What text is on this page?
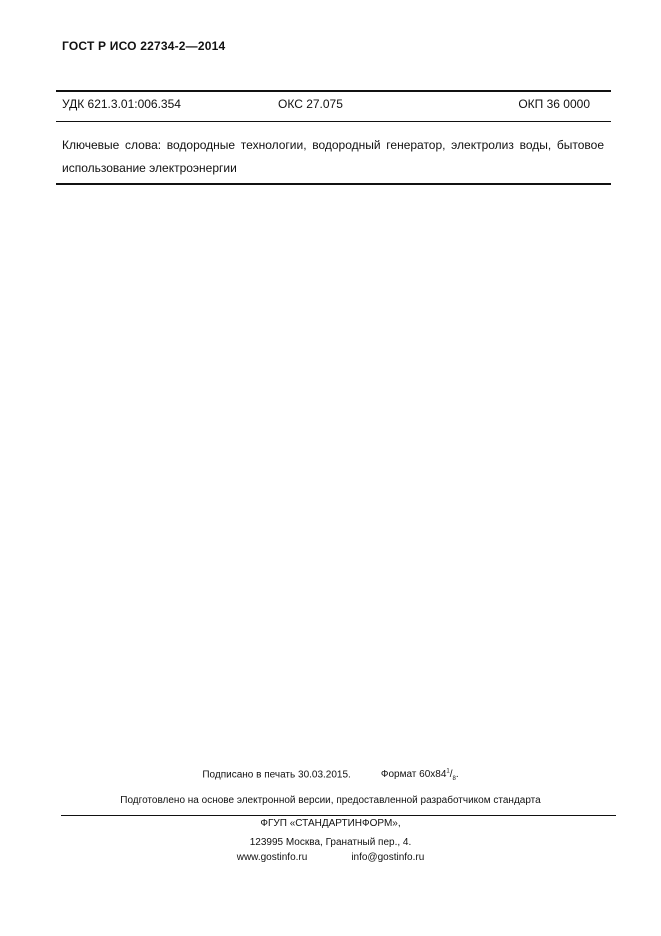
ГОСТ Р ИСО 22734-2—2014
УДК 621.3.01:006.354	ОКС 27.075	ОКП 36 0000
Ключевые слова: водородные технологии, водородный генератор, электролиз воды, бытовое использование электроэнергии
Подписано в печать 30.03.2015.	Формат $60х84^1/_8$.
Подготовлено на основе электронной версии, предоставленной разработчиком стандарта
ФГУП «СТАНДАРТИНФОРМ»,
123995 Москва, Гранатный пер., 4.
www.gostinfo.ru	info@gostinfo.ru
